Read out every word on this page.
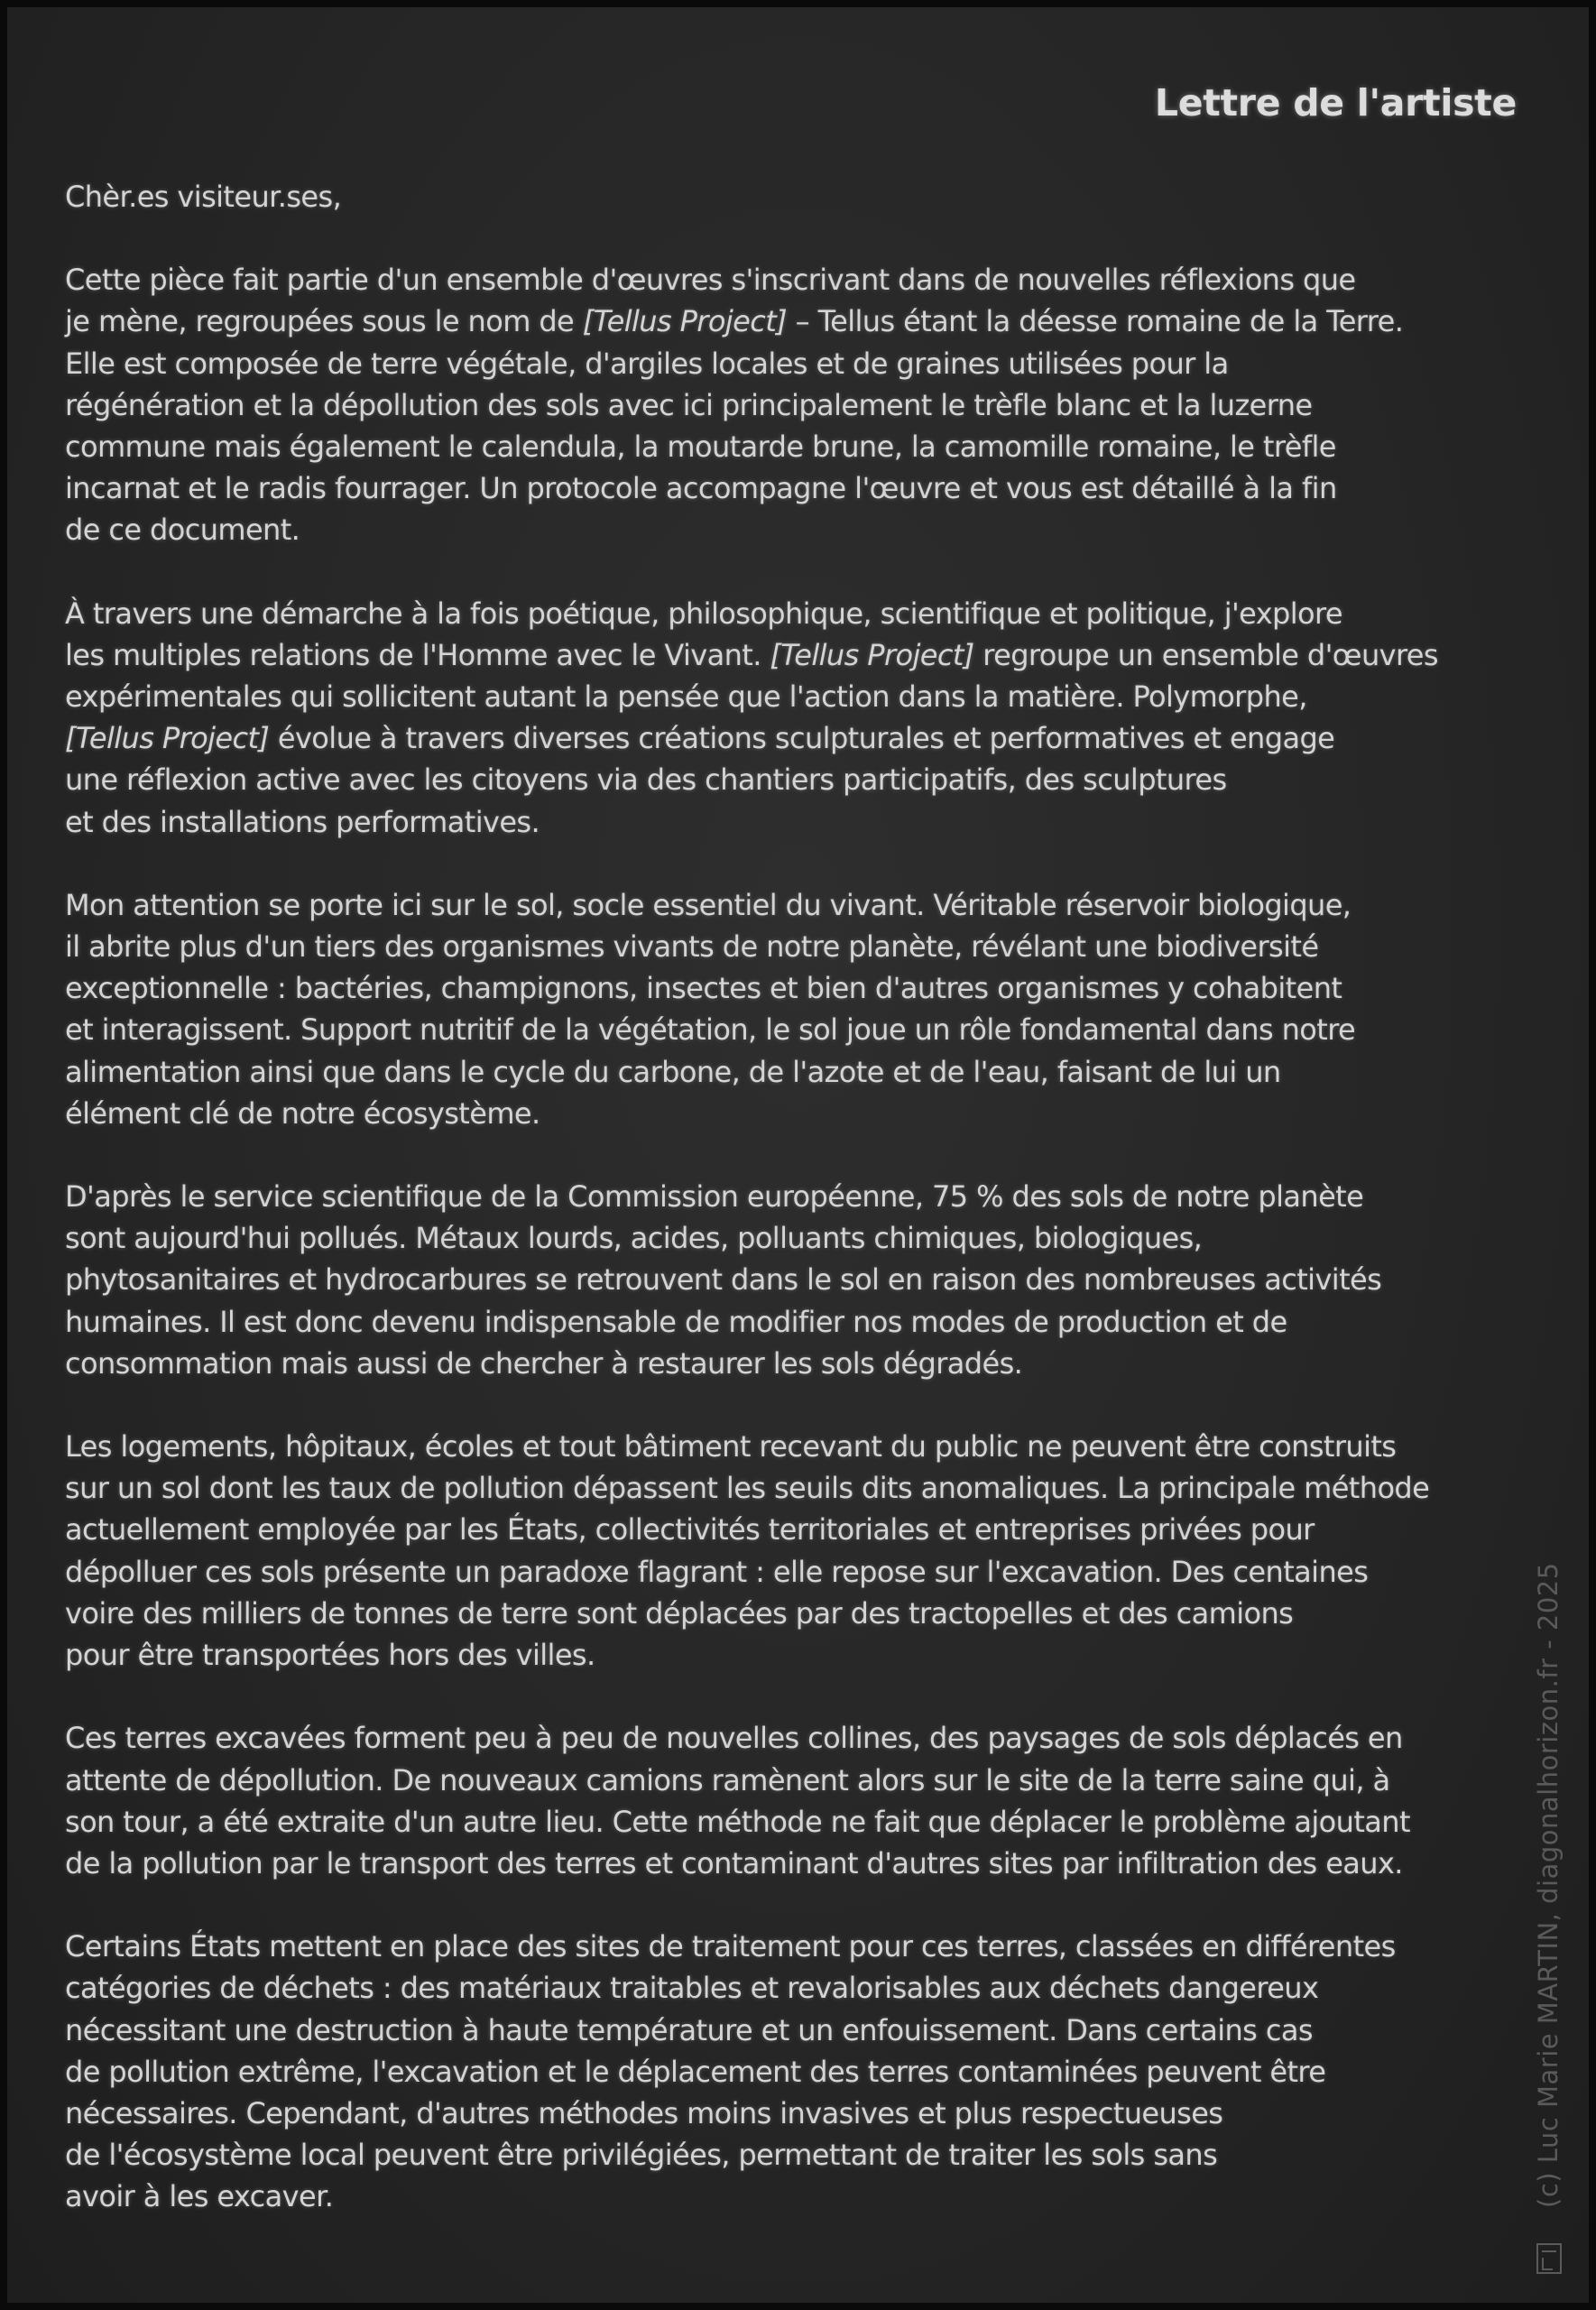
Lettre de l'artiste
Chèr.es visiteur.ses,
Cette pièce fait partie d'un ensemble d'œuvres s'inscrivant dans de nouvelles réflexions que
je mène, regroupées sous le nom de [Tellus Project] – Tellus étant la déesse romaine de la Terre.
Elle est composée de terre végétale, d'argiles locales et de graines utilisées pour la
régénération et la dépollution des sols avec ici principalement le trèfle blanc et la luzerne
commune mais également le calendula, la moutarde brune, la camomille romaine, le trèfle
incarnat et le radis fourrager. Un protocole accompagne l'œuvre et vous est détaillé à la fin
de ce document.
À travers une démarche à la fois poétique, philosophique, scientifique et politique, j'explore
les multiples relations de l'Homme avec le Vivant. [Tellus Project] regroupe un ensemble d'œuvres
expérimentales qui sollicitent autant la pensée que l'action dans la matière. Polymorphe,
[Tellus Project] évolue à travers diverses créations sculpturales et performatives et engage
une réflexion active avec les citoyens via des chantiers participatifs, des sculptures
et des installations performatives.
Mon attention se porte ici sur le sol, socle essentiel du vivant. Véritable réservoir biologique,
il abrite plus d'un tiers des organismes vivants de notre planète, révélant une biodiversité
exceptionnelle : bactéries, champignons, insectes et bien d'autres organismes y cohabitent
et interagissent. Support nutritif de la végétation, le sol joue un rôle fondamental dans notre
alimentation ainsi que dans le cycle du carbone, de l'azote et de l'eau, faisant de lui un
élément clé de notre écosystème.
D'après le service scientifique de la Commission européenne, 75 % des sols de notre planète
sont aujourd'hui pollués. Métaux lourds, acides, polluants chimiques, biologiques,
phytosanitaires et hydrocarbures se retrouvent dans le sol en raison des nombreuses activités
humaines. Il est donc devenu indispensable de modifier nos modes de production et de
consommation mais aussi de chercher à restaurer les sols dégradés.
Les logements, hôpitaux, écoles et tout bâtiment recevant du public ne peuvent être construits
sur un sol dont les taux de pollution dépassent les seuils dits anomaliques. La principale méthode
actuellement employée par les États, collectivités territoriales et entreprises privées pour
dépolluer ces sols présente un paradoxe flagrant : elle repose sur l'excavation. Des centaines
voire des milliers de tonnes de terre sont déplacées par des tractopelles et des camions
pour être transportées hors des villes.
Ces terres excavées forment peu à peu de nouvelles collines, des paysages de sols déplacés en
attente de dépollution. De nouveaux camions ramènent alors sur le site de la terre saine qui, à
son tour, a été extraite d'un autre lieu. Cette méthode ne fait que déplacer le problème ajoutant
de la pollution par le transport des terres et contaminant d'autres sites par infiltration des eaux.
Certains États mettent en place des sites de traitement pour ces terres, classées en différentes
catégories de déchets : des matériaux traitables et revalorisables aux déchets dangereux
nécessitant une destruction à haute température et un enfouissement. Dans certains cas
de pollution extrême, l'excavation et le déplacement des terres contaminées peuvent être
nécessaires. Cependant, d'autres méthodes moins invasives et plus respectueuses
de l'écosystème local peuvent être privilégiées, permettant de traiter les sols sans
avoir à les excaver.	(c) Luc Marie MARTIN, diagonalhorizon.fr - 2025
